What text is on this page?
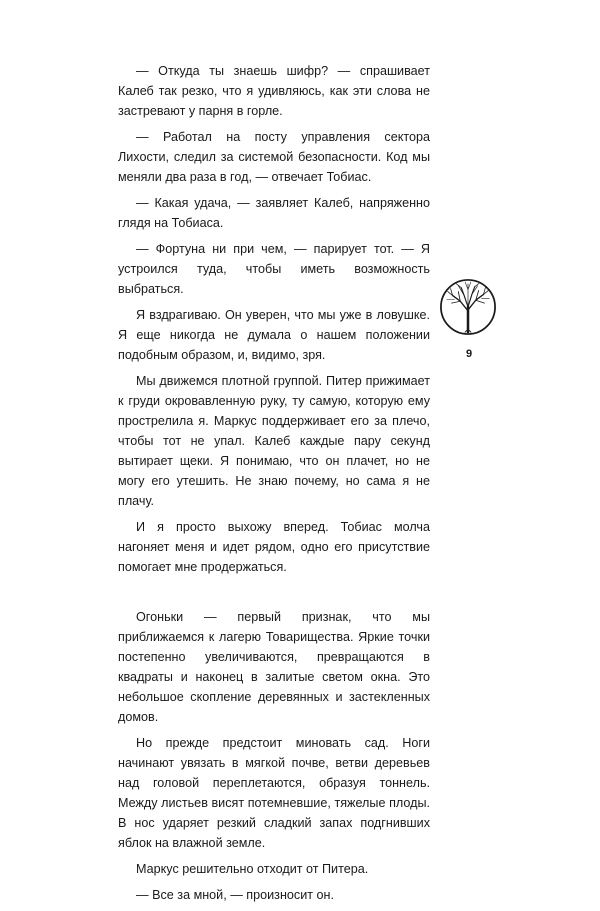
— Откуда ты знаешь шифр? — спрашивает Калеб так резко, что я удивляюсь, как эти слова не застревают у парня в горле.

— Работал на посту управления сектора Лихости, следил за системой безопасности. Код мы меняли два раза в год, — отвечает Тобиас.

— Какая удача, — заявляет Калеб, напряженно глядя на Тобиаса.

— Фортуна ни при чем, — парирует тот. — Я устроился туда, чтобы иметь возможность выбраться.

Я вздрагиваю. Он уверен, что мы уже в ловушке. Я еще никогда не думала о нашем положении подобным образом, и, видимо, зря.

Мы движемся плотной группой. Питер прижимает к груди окровавленную руку, ту самую, которую ему прострелила я. Маркус поддерживает его за плечо, чтобы тот не упал. Калеб каждые пару секунд вытирает щеки. Я понимаю, что он плачет, но не могу его утешить. Не знаю почему, но сама я не плачу.

И я просто выхожу вперед. Тобиас молча нагоняет меня и идет рядом, одно его присутствие помогает мне продержаться.

Огоньки — первый признак, что мы приближаемся к лагерю Товарищества. Яркие точки постепенно увеличиваются, превращаются в квадраты и наконец в залитые светом окна. Это небольшое скопление деревянных и застекленных домов.

Но прежде предстоит миновать сад. Ноги начинают увязать в мягкой почве, ветви деревьев над головой переплетаются, образуя тоннель. Между листьев висят потемневшие, тяжелые плоды. В нос ударяет резкий сладкий запах подгнивших яблок на влажной земле.

Маркус решительно отходит от Питера.

— Все за мной, — произносит он.

9
